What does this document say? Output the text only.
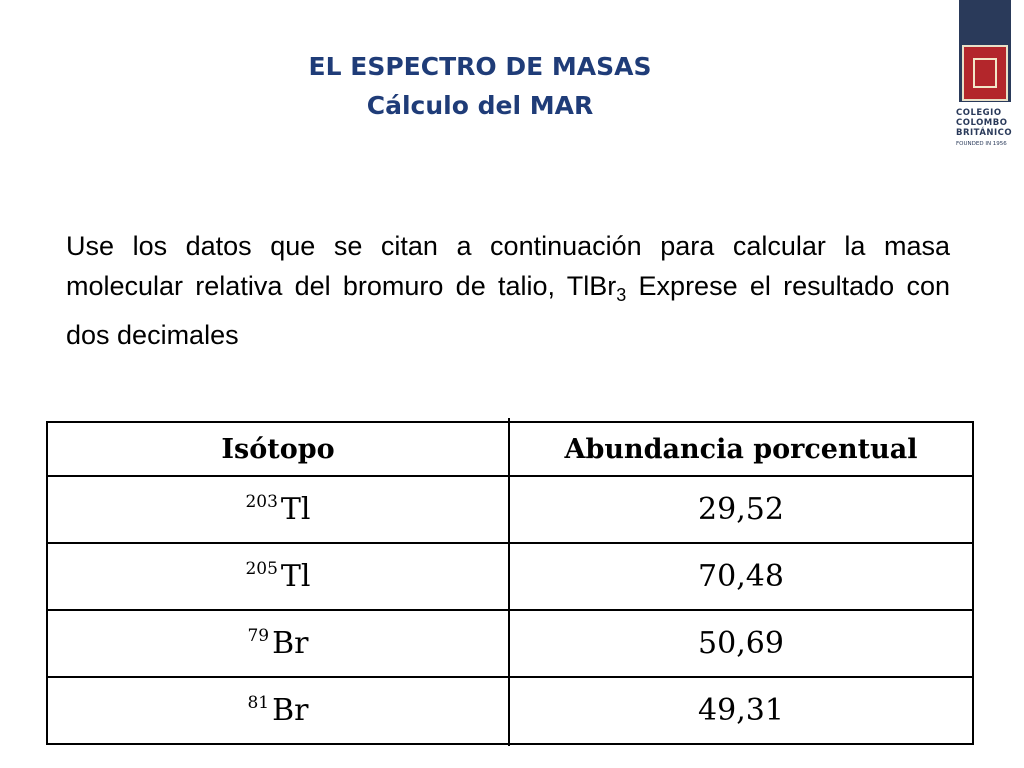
EL ESPECTRO DE MASAS
Cálculo del MAR	COLEGIO
COLOMBO
BRITÁNICO
FOUNDED IN 1956

Use los datos que se citan a continuación para calcular la masa molecular relativa del bromuro de talio, TlBr$_3$ Exprese el resultado con dos decimales

Isótopo	Abundancia porcentual
$^{203}$ Tl	29,52
$^{205}$ Tl	70,48
$^{79}$ Br	50,69
$^{81}$ Br	49,31
